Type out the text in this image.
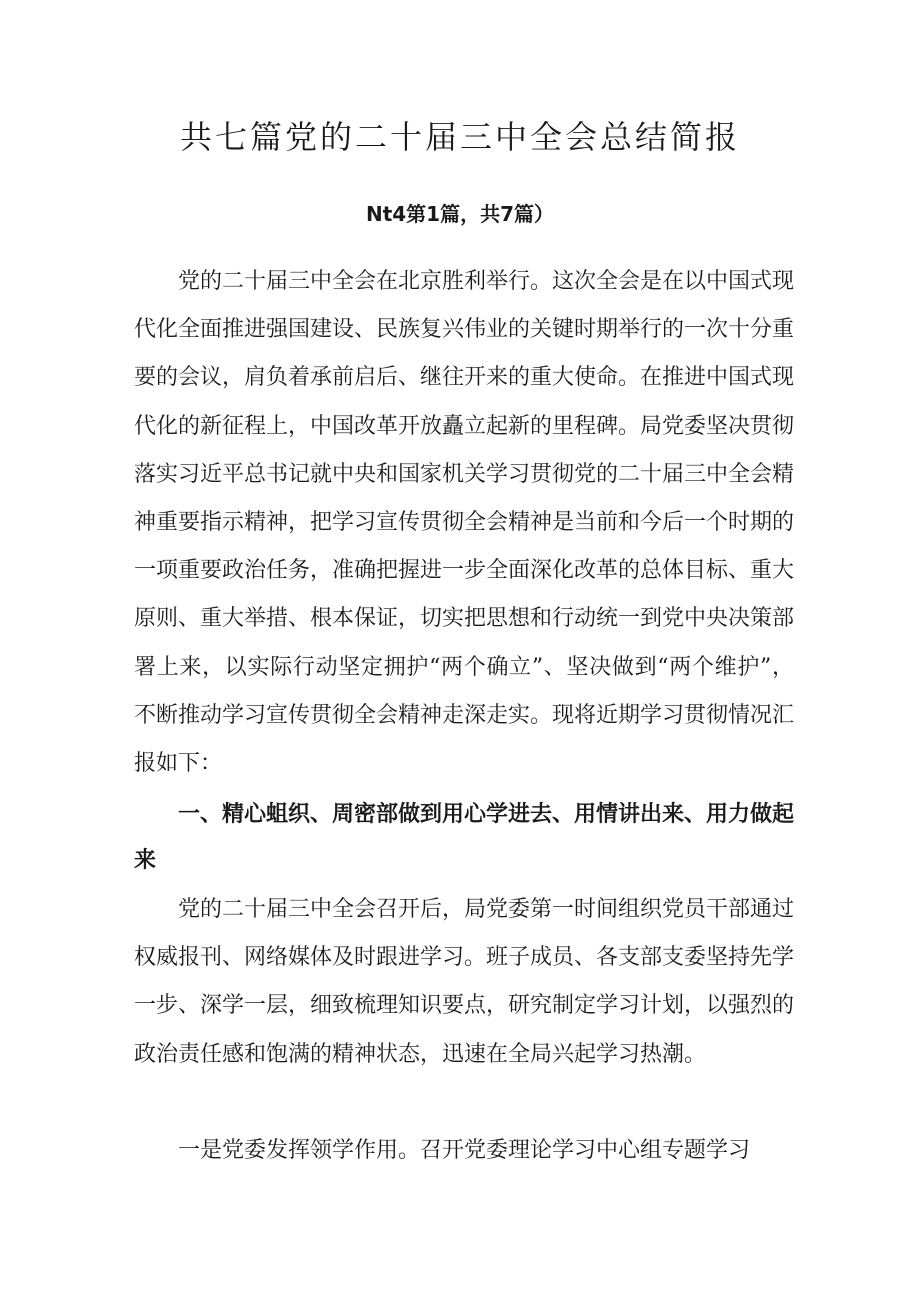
共七篇党的二十届三中全会总结简报
Nt4第1篇，共7篇）

党的二十届三中全会在北京胜利举行。这次全会是在以中国式现代化全面推进强国建设、民族复兴伟业的关键时期举行的一次十分重要的会议，肩负着承前启后、继往开来的重大使命。在推进中国式现代化的新征程上，中国改革开放矗立起新的里程碑。局党委坚决贯彻落实习近平总书记就中央和国家机关学习贯彻党的二十届三中全会精神重要指示精神，把学习宣传贯彻全会精神是当前和今后一个时期的一项重要政治任务，准确把握进一步全面深化改革的总体目标、重大原则、重大举措、根本保证，切实把思想和行动统一到党中央决策部署上来，以实际行动坚定拥护“两个确立”、坚决做到“两个维护”，不断推动学习宣传贯彻全会精神走深走实。现将近期学习贯彻情况汇报如下：

一、精心蛆织、周密部做到用心学进去、用情讲出来、用力做起来

党的二十届三中全会召开后，局党委第一时间组织党员干部通过权威报刊、网络媒体及时跟进学习。班子成员、各支部支委坚持先学一步、深学一层，细致梳理知识要点，研究制定学习计划，以强烈的政治责任感和饱满的精神状态，迅速在全局兴起学习热潮。

一是党委发挥领学作用。召开党委理论学习中心组专题学习
